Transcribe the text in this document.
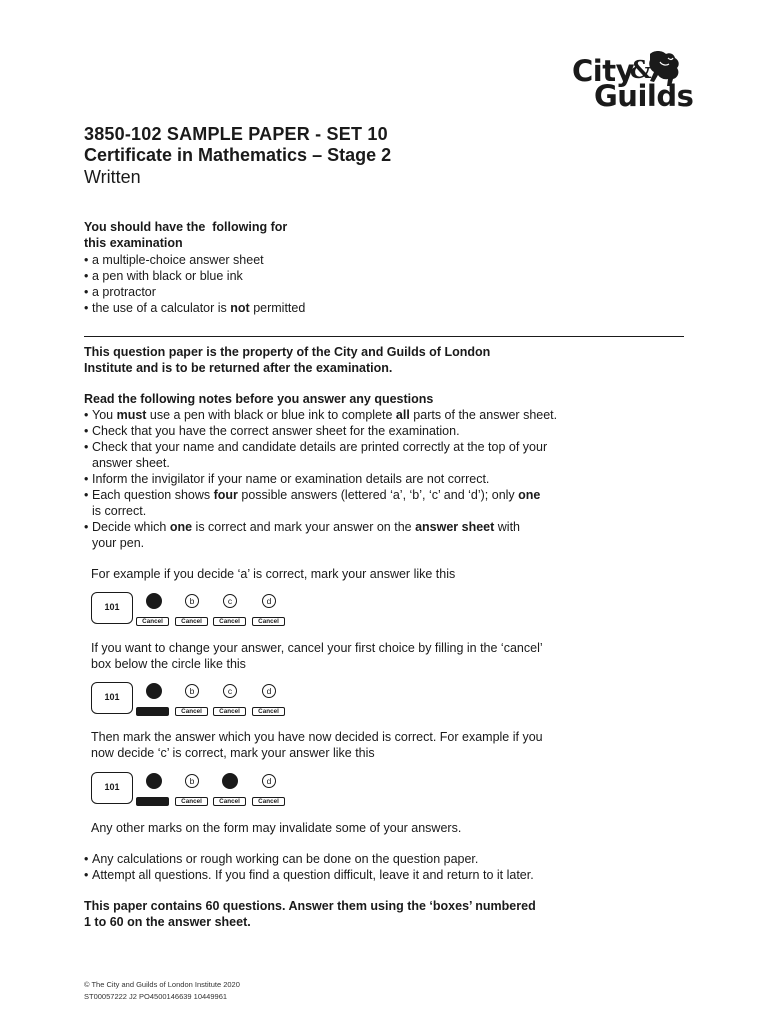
City
Guilds
&
3850-102 SAMPLE PAPER - SET 10
Certificate in Mathematics – Stage 2
Written
You should have the  following for
this examination
• a multiple-choice answer sheet
• a pen with black or blue ink
• a protractor
• the use of a calculator is not permitted
This question paper is the property of the City and Guilds of London
Institute and is to be returned after the examination.
Read the following notes before you answer any questions
• You must use a pen with black or blue ink to complete all parts of the answer sheet.
• Check that you have the correct answer sheet for the examination.
• Check that your name and candidate details are printed correctly at the top of your
answer sheet.
• Inform the invigilator if your name or examination details are not correct.
• Each question shows four possible answers (lettered ‘a’, ‘b’, ‘c’ and ‘d’); only one
is correct.
• Decide which one is correct and mark your answer on the answer sheet with
your pen.
For example if you decide ‘a’ is correct, mark your answer like this
101
b	c	d
Cancel	Cancel	Cancel	Cancel
If you want to change your answer, cancel your first choice by filling in the ‘cancel’
box below the circle like this
101
b	c	d
Cancel	Cancel	Cancel
Then mark the answer which you have now decided is correct. For example if you
now decide ‘c’ is correct, mark your answer like this
101
b	d
Cancel	Cancel	Cancel
Any other marks on the form may invalidate some of your answers.
• Any calculations or rough working can be done on the question paper.
• Attempt all questions. If you find a question difficult, leave it and return to it later.
This paper contains 60 questions. Answer them using the ‘boxes’ numbered
1 to 60 on the answer sheet.
© The City and Guilds of London Institute 2020
ST00057222 J2 PO4500146639 10449961
